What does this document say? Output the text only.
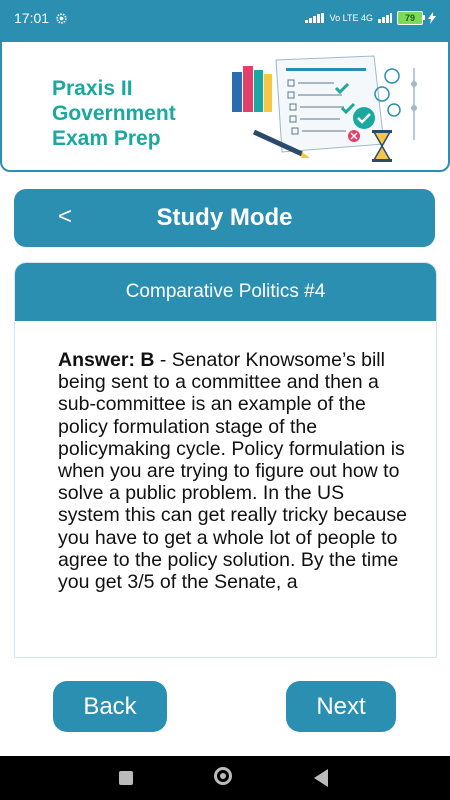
17:01	Vo LTE 4G	79
Praxis II
Government
Exam Prep
<	Study Mode
Comparative Politics #4
Answer: B - Senator Knowsome’s bill being sent to a committee and then a sub-committee is an example of the policy formulation stage of the policymaking cycle. Policy formulation is when you are trying to figure out how to solve a public problem. In the US system this can get really tricky because you have to get a whole lot of people to agree to the policy solution. By the time you get 3/5 of the Senate, a
Back	Next
